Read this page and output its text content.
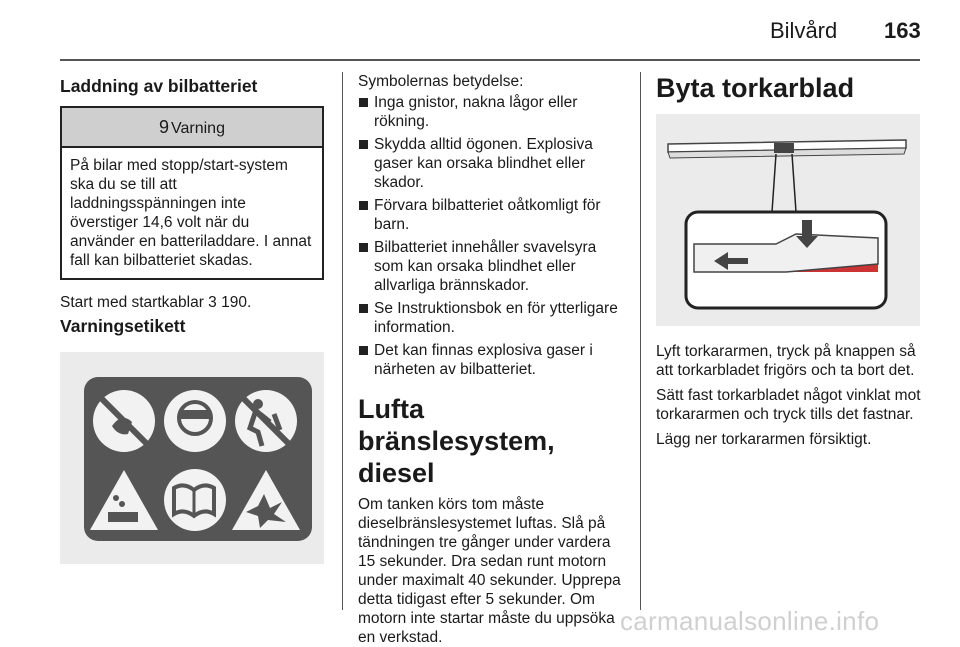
Bilvård 163
Laddning av bilbatteriet
9 Varning
På bilar med stopp/start-system ska du se till att laddningsspänningen inte överstiger 14,6 volt när du använder en batteriladdare. I annat fall kan bilbatteriet skadas.

Start med startkablar 3 190.

Varningsetikett

Symbolernas betydelse:

Inga gnistor, nakna lågor eller rökning.
Skydda alltid ögonen. Explosiva gaser kan orsaka blindhet eller skador.
Förvara bilbatteriet oåtkomligt för barn.
Bilbatteriet innehåller svavelsyra som kan orsaka blindhet eller allvarliga brännskador.
Se Instruktionsbok en för ytterligare information.
Det kan finnas explosiva gaser i närheten av bilbatteriet.
Lufta bränslesystem, diesel

Om tanken körs tom måste dieselbränslesystemet luftas. Slå på tändningen tre gånger under vardera 15 sekunder. Dra sedan runt motorn under maximalt 40 sekunder. Upprepa detta tidigast efter 5 sekunder. Om motorn inte startar måste du uppsöka en verkstad.

Byta torkarblad

Lyft torkararmen, tryck på knappen så att torkarbladet frigörs och ta bort det.

Sätt fast torkarbladet något vinklat mot torkararmen och tryck tills det fastnar.

Lägg ner torkararmen försiktigt.

carmanualsonline.info
